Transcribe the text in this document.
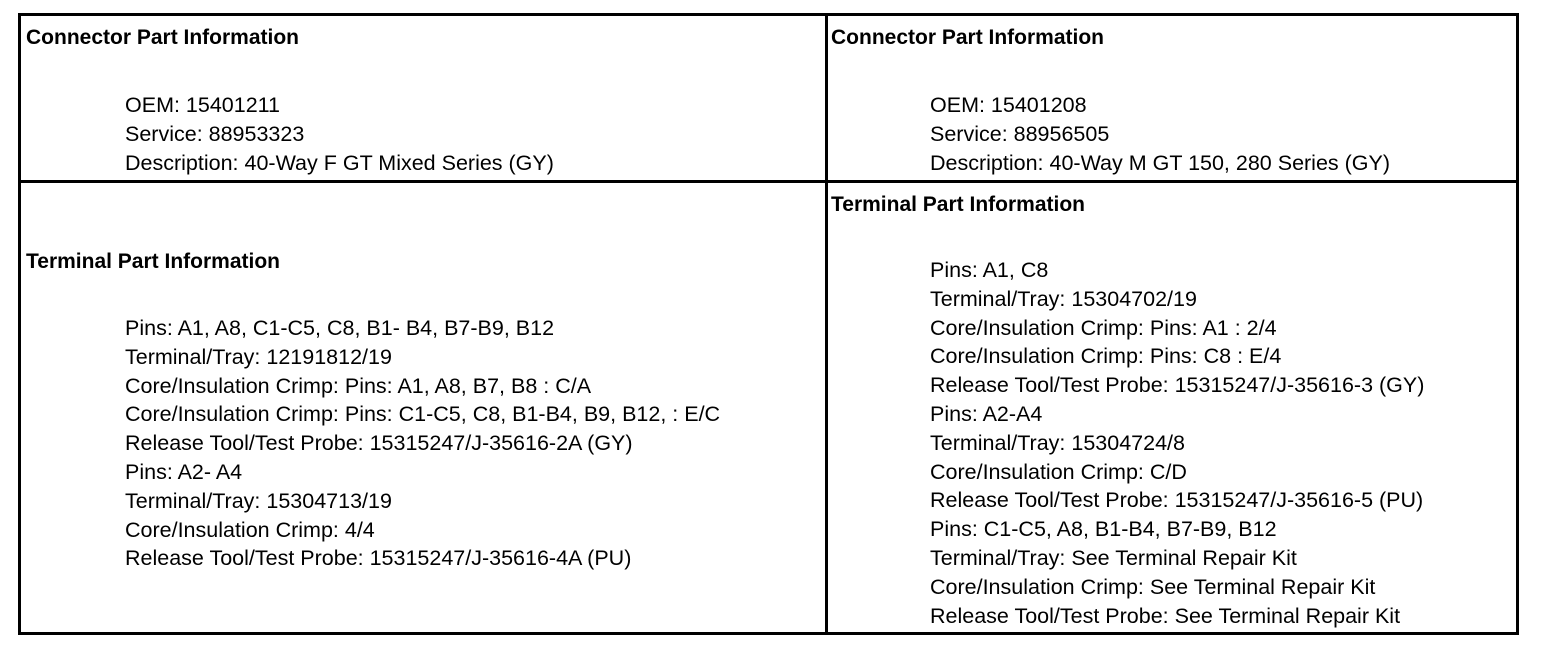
Connector Part Information
OEM: 15401211
Service: 88953323
Description: 40-Way F GT Mixed Series (GY)
Connector Part Information
OEM: 15401208
Service: 88956505
Description: 40-Way M GT 150, 280 Series (GY)
Terminal Part Information
Pins: A1, A8, C1-C5, C8, B1- B4, B7-B9, B12
Terminal/Tray: 12191812/19
Core/Insulation Crimp: Pins: A1, A8, B7, B8 : C/A
Core/Insulation Crimp: Pins: C1-C5, C8, B1-B4, B9, B12, : E/C
Release Tool/Test Probe: 15315247/J-35616-2A (GY)
Pins: A2- A4
Terminal/Tray: 15304713/19
Core/Insulation Crimp: 4/4
Release Tool/Test Probe: 15315247/J-35616-4A (PU)
Terminal Part Information
Pins: A1, C8
Terminal/Tray: 15304702/19
Core/Insulation Crimp: Pins: A1 : 2/4
Core/Insulation Crimp: Pins: C8 : E/4
Release Tool/Test Probe: 15315247/J-35616-3 (GY)
Pins: A2-A4
Terminal/Tray: 15304724/8
Core/Insulation Crimp: C/D
Release Tool/Test Probe: 15315247/J-35616-5 (PU)
Pins: C1-C5, A8, B1-B4, B7-B9, B12
Terminal/Tray: See Terminal Repair Kit
Core/Insulation Crimp: See Terminal Repair Kit
Release Tool/Test Probe: See Terminal Repair Kit
